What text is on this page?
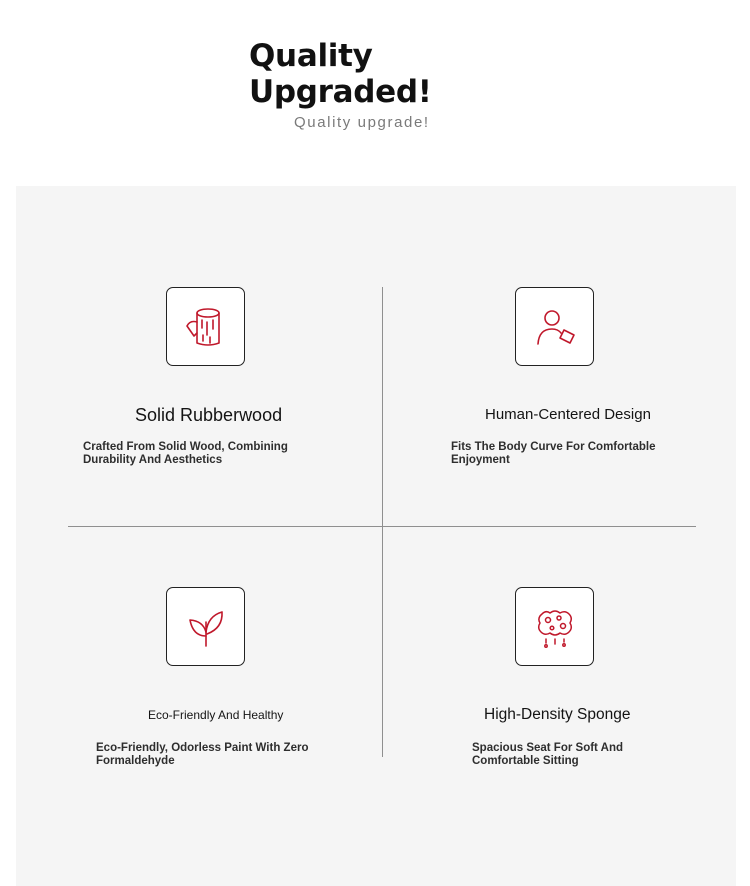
Quality
Upgraded!
Quality upgrade!
Solid Rubberwood
Crafted From Solid Wood, Combining Durability And Aesthetics
Human-Centered Design
Fits The Body Curve For Comfortable Enjoyment
Eco-Friendly And Healthy
Eco-Friendly, Odorless Paint With Zero Formaldehyde
High-Density Sponge
Spacious Seat For Soft And Comfortable Sitting
